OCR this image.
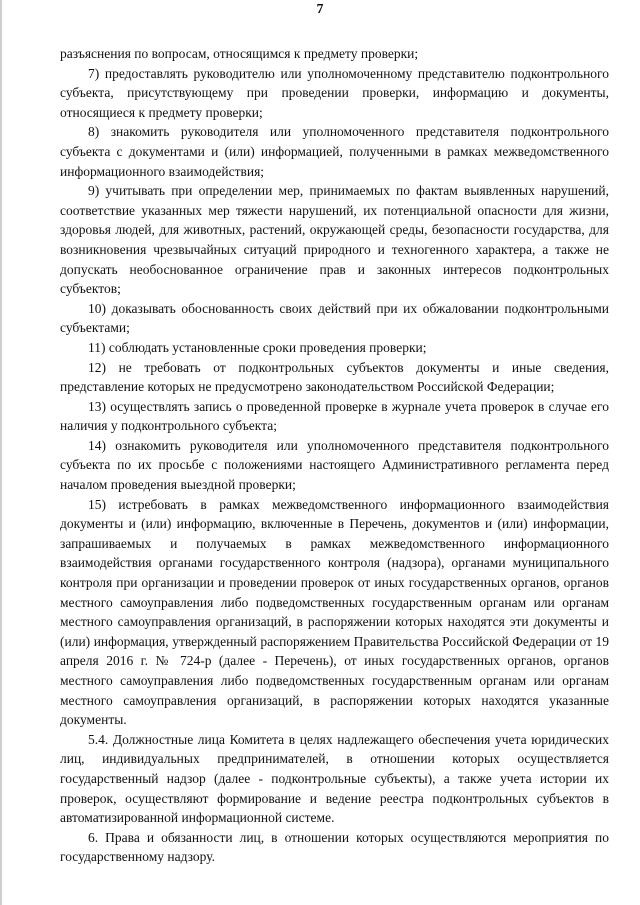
7

разъяснения по вопросам, относящимся к предмету проверки;

7) предоставлять руководителю или уполномоченному представителю подконтрольного субъекта, присутствующему при проведении проверки, информацию и документы, относящиеся к предмету проверки;

8) знакомить руководителя или уполномоченного представителя подконтрольного субъекта с документами и (или) информацией, полученными в рамках межведомственного информационного взаимодействия;

9) учитывать при определении мер, принимаемых по фактам выявленных нарушений, соответствие указанных мер тяжести нарушений, их потенциальной опасности для жизни, здоровья людей, для животных, растений, окружающей среды, безопасности государства, для возникновения чрезвычайных ситуаций природного и техногенного характера, а также не допускать необоснованное ограничение прав и законных интересов подконтрольных субъектов;

10) доказывать обоснованность своих действий при их обжаловании подконтрольными субъектами;

11) соблюдать установленные сроки проведения проверки;

12) не требовать от подконтрольных субъектов документы и иные сведения, представление которых не предусмотрено законодательством Российской Федерации;

13) осуществлять запись о проведенной проверке в журнале учета проверок в случае его наличия у подконтрольного субъекта;

14) ознакомить руководителя или уполномоченного представителя подконтрольного субъекта по их просьбе с положениями настоящего Административного регламента перед началом проведения выездной проверки;

15) истребовать в рамках межведомственного информационного взаимодействия документы и (или) информацию, включенные в Перечень, документов и (или) информации, запрашиваемых и получаемых в рамках межведомственного информационного взаимодействия органами государственного контроля (надзора), органами муниципального контроля при организации и проведении проверок от иных государственных органов, органов местного самоуправления либо подведомственных государственным органам или органам местного самоуправления организаций, в распоряжении которых находятся эти документы и (или) информация, утвержденный распоряжением Правительства Российской Федерации от 19 апреля 2016 г. № 724-р (далее - Перечень), от иных государственных органов, органов местного самоуправления либо подведомственных государственным органам или органам местного самоуправления организаций, в распоряжении которых находятся указанные документы.

5.4. Должностные лица Комитета в целях надлежащего обеспечения учета юридических лиц, индивидуальных предпринимателей, в отношении которых осуществляется государственный надзор (далее - подконтрольные субъекты), а также учета истории их проверок, осуществляют формирование и ведение реестра подконтрольных субъектов в автоматизированной информационной системе.

6. Права и обязанности лиц, в отношении которых осуществляются мероприятия по государственному надзору.
